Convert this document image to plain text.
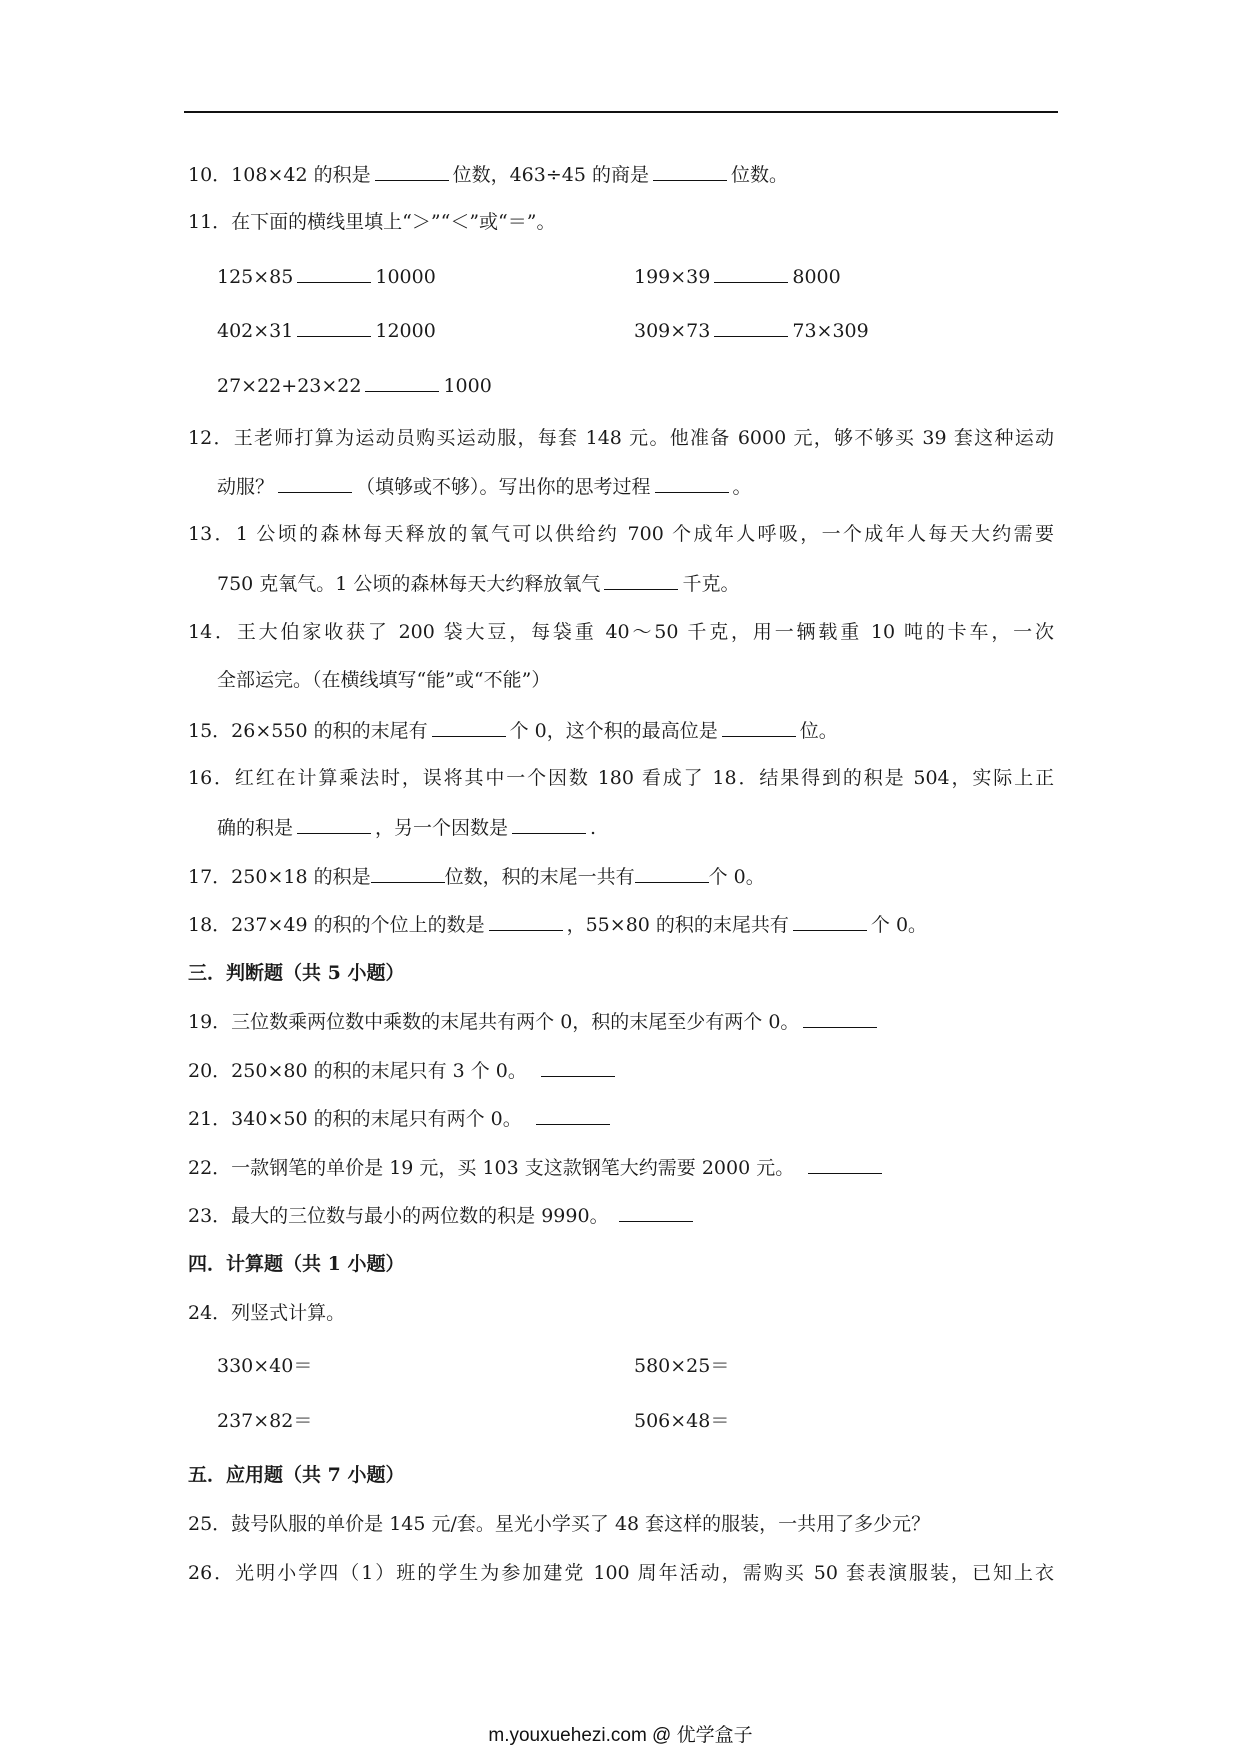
10．108×42 的积是	位数，463÷45 的商是	位数。
11．在下面的横线里填上“＞”“＜”或“＝”。
125×85	10000	199×39	8000
402×31	12000	309×73	73×309
27×22+23×22	1000
12．王老师打算为运动员购买运动服，每套 148 元。他准备 6000 元，够不够买 39 套这种运动
动服？	（填够或不够）。写出你的思考过程	。
13．1 公顷的森林每天释放的氧气可以供给约 700 个成年人呼吸，一个成年人每天大约需要
750 克氧气。1 公顷的森林每天大约释放氧气	千克。
14．王大伯家收获了 200 袋大豆，每袋重 40～50 千克，用一辆载重 10 吨的卡车，一次
全部运完。（在横线填写“能”或“不能”）
15．26×550 的积的末尾有	个 0，这个积的最高位是	位。
16．红红在计算乘法时，误将其中一个因数 180 看成了 18．结果得到的积是 504，实际上正
确的积是	，另一个因数是	.
17．250×18 的积是	位数，积的末尾一共有	个 0。
18．237×49 的积的个位上的数是	，55×80 的积的末尾共有	个 0。
三．判断题（共 5 小题）
19．三位数乘两位数中乘数的末尾共有两个 0，积的末尾至少有两个 0。
20．250×80 的积的末尾只有 3 个 0。
21．340×50 的积的末尾只有两个 0。
22．一款钢笔的单价是 19 元，买 103 支这款钢笔大约需要 2000 元。
23．最大的三位数与最小的两位数的积是 9990。
四．计算题（共 1 小题）
24．列竖式计算。
330×40＝	580×25＝
237×82＝	506×48＝
五．应用题（共 7 小题）
25．鼓号队服的单价是 145 元/套。星光小学买了 48 套这样的服装，一共用了多少元？
26．光明小学四（1）班的学生为参加建党 100 周年活动，需购买 50 套表演服装，已知上衣
m.youxuehezi.com @ 优学盒子
